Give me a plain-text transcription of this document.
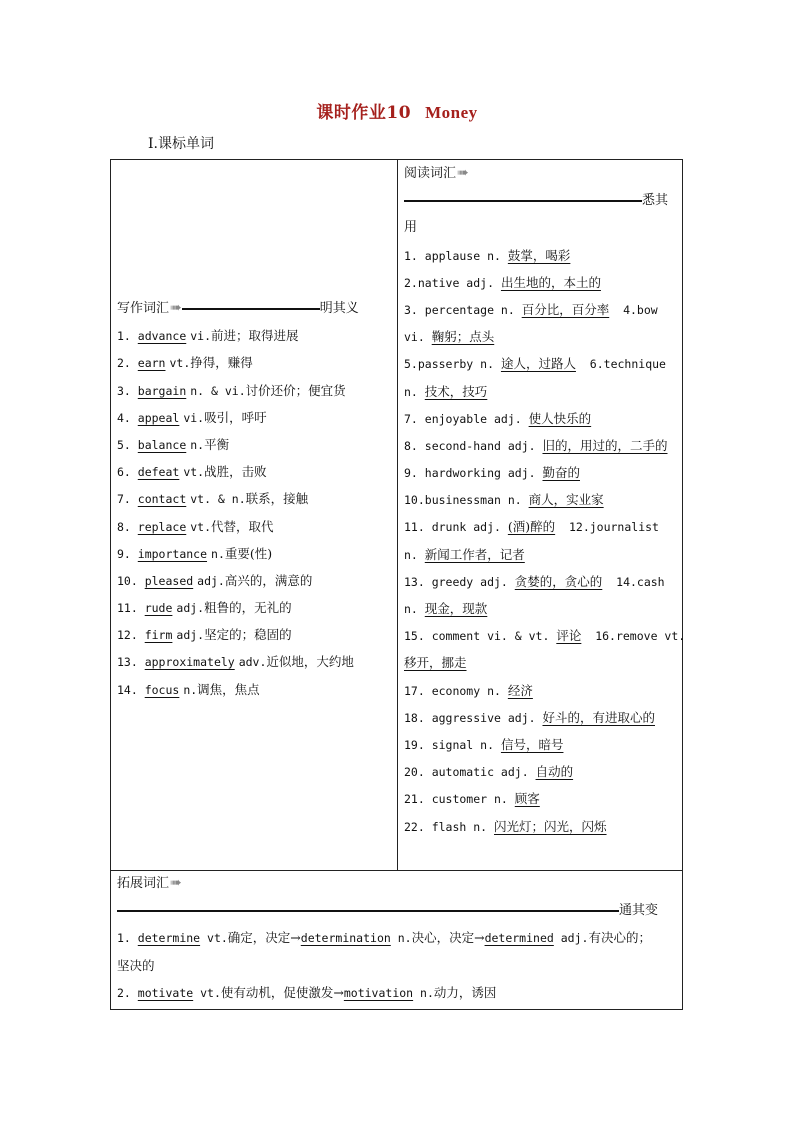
课时作业10 Money
Ⅰ.课标单词
写作词汇➠	明其义
1. advance vi.前进；取得进展
2. earn vt.挣得，赚得
3. bargain n. & vi.讨价还价；便宜货
4. appeal vi.吸引，呼吁
5. balance n.平衡
6. defeat vt.战胜，击败
7. contact vt. & n.联系，接触
8. replace vt.代替，取代
9. importance n.重要(性)
10. pleased adj.高兴的，满意的
11. rude adj.粗鲁的，无礼的
12. firm adj.坚定的；稳固的
13. approximately adv.近似地，大约地
14. focus n.调焦，焦点
阅读词汇➠
悉其
用
1. applause n. 鼓掌，喝彩
2.native adj. 出生地的，本土的
3. percentage n. 百分比，百分率  4.bow
vi. 鞠躬；点头
5.passerby n. 途人，过路人  6.technique
n. 技术，技巧
7. enjoyable adj. 使人快乐的
8. second-hand adj. 旧的，用过的，二手的
9. hardworking adj. 勤奋的
10.businessman n. 商人，实业家
11. drunk adj. (酒)醉的  12.journalist
n. 新闻工作者，记者
13. greedy adj. 贪婪的，贪心的  14.cash
n. 现金，现款
15. comment vi. & vt. 评论  16.remove vt.
移开，挪走
17. economy n. 经济
18. aggressive adj. 好斗的，有进取心的
19. signal n. 信号，暗号
20. automatic adj. 自动的
21. customer n. 顾客
22. flash n. 闪光灯；闪光，闪烁
拓展词汇➠
通其变
1. determine vt.确定，决定→determination n.决心，决定→determined adj.有决心的；
坚决的
2. motivate vt.使有动机，促使激发→motivation n.动力，诱因
